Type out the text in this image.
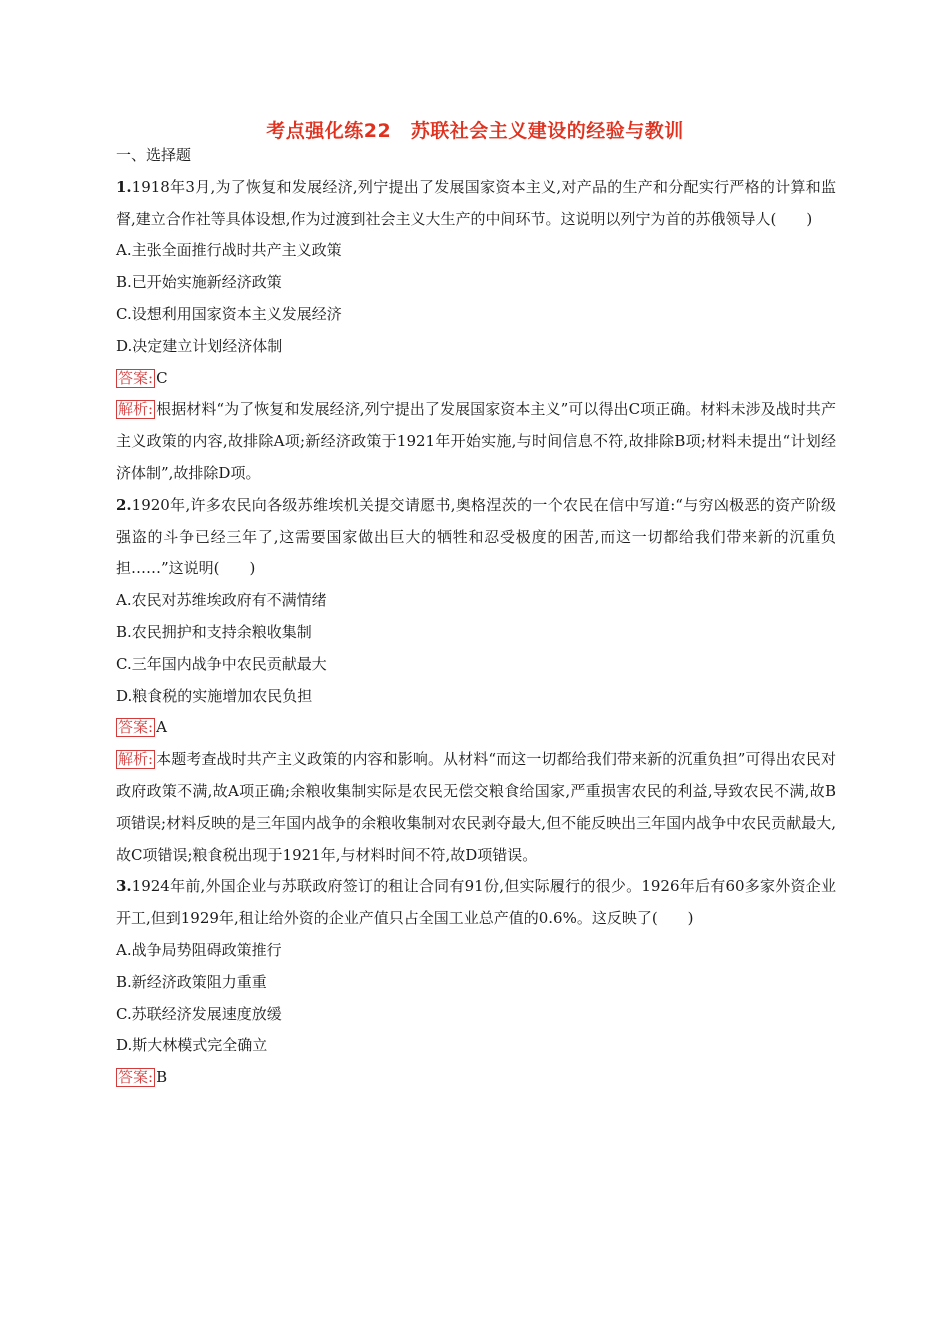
考点强化练22　苏联社会主义建设的经验与教训
一、选择题
1.1918年3月,为了恢复和发展经济,列宁提出了发展国家资本主义,对产品的生产和分配实行严格的计算和监督,建立合作社等具体设想,作为过渡到社会主义大生产的中间环节。这说明以列宁为首的苏俄领导人(　　)
A.主张全面推行战时共产主义政策
B.已开始实施新经济政策
C.设想利用国家资本主义发展经济
D.决定建立计划经济体制
答案: C
解析: 根据材料“为了恢复和发展经济,列宁提出了发展国家资本主义”可以得出C项正确。材料未涉及战时共产主义政策的内容,故排除A项;新经济政策于1921年开始实施,与时间信息不符,故排除B项;材料未提出“计划经济体制”,故排除D项。
2.1920年,许多农民向各级苏维埃机关提交请愿书,奥格涅茨的一个农民在信中写道:“与穷凶极恶的资产阶级强盗的斗争已经三年了,这需要国家做出巨大的牺牲和忍受极度的困苦,而这一切都给我们带来新的沉重负担……”这说明(　　)
A.农民对苏维埃政府有不满情绪
B.农民拥护和支持余粮收集制
C.三年国内战争中农民贡献最大
D.粮食税的实施增加农民负担
答案: A
解析: 本题考查战时共产主义政策的内容和影响。从材料“而这一切都给我们带来新的沉重负担”可得出农民对政府政策不满,故A项正确;余粮收集制实际是农民无偿交粮食给国家,严重损害农民的利益,导致农民不满,故B项错误;材料反映的是三年国内战争的余粮收集制对农民剥夺最大,但不能反映出三年国内战争中农民贡献最大,故C项错误;粮食税出现于1921年,与材料时间不符,故D项错误。
3.1924年前,外国企业与苏联政府签订的租让合同有91份,但实际履行的很少。1926年后有60多家外资企业开工,但到1929年,租让给外资的企业产值只占全国工业总产值的0.6%。这反映了(　　)
A.战争局势阻碍政策推行
B.新经济政策阻力重重
C.苏联经济发展速度放缓
D.斯大林模式完全确立
答案: B
